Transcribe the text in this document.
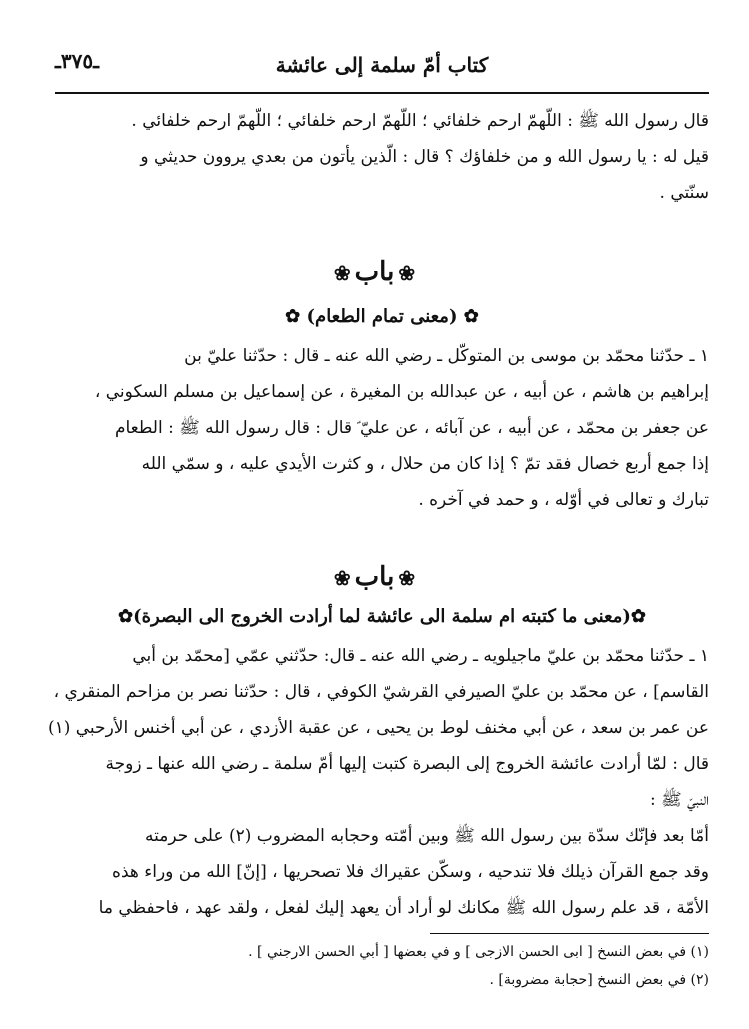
كتاب أمّ سلمة إلى عائشة
ـ٣٧٥ـ
قال رسول الله ﷺ : اللّهمّ ارحم خلفائي ؛ اللّهمّ ارحم خلفائي ؛ اللّهمّ ارحم خلفائي .
قيل له : يا رسول الله و من خلفاؤك ؟ قال : الّذين يأتون من بعدي يروون حديثي و
سنّتي .
❀باب❀
✿ (معنى تمام الطعام) ✿
١ ـ حدّثنا محمّد بن موسى بن المتوكّل ـ رضي الله عنه ـ قال : حدّثنا عليّ بن
إبراهيم بن هاشم ، عن أبيه ، عن عبدالله بن المغيرة ، عن إسماعيل بن مسلم السكوني ،
عن جعفر بن محمّد ، عن أبيه ، عن آبائه ، عن عليّ ؑ قال : قال رسول الله ﷺ : الطعام
إذا جمع أربع خصال فقد تمّ ؟ إذا كان من حلال ، و كثرت الأيدي عليه ، و سمّي الله
تبارك و تعالى في أوّله ، و حمد في آخره .
❀باب❀
✿(معنى ما كتبته ام سلمة الى عائشة لما أرادت الخروج الى البصرة)✿
١ ـ حدّثنا محمّد بن عليّ ماجيلويه ـ رضي الله عنه ـ قال: حدّثني عمّي [محمّد بن أبي
القاسم] ، عن محمّد بن عليّ الصيرفي القرشيّ الكوفي ، قال : حدّثنا نصر بن مزاحم المنقري ،
عن عمر بن سعد ، عن أبي مخنف لوط بن يحيى ، عن عقبة الأزدي ، عن أبي أخنس الأرحبي (١)
قال : لمّا أرادت عائشة الخروج إلى البصرة كتبت إليها أمّ سلمة ـ رضي الله عنها ـ زوجة
النبيّ ﷺ :
أمّا بعد فإنّك سدّة بين رسول الله ﷺ وبين أمّته وحجابه المضروب (٢) على حرمته
وقد جمع القرآن ذيلك فلا تندحيه ، وسكّن عقيراك فلا تصحريها ، [إنّ] الله من وراء هذه
الأمّة ، قد علم رسول الله ﷺ مكانك لو أراد أن يعهد إليك لفعل ، ولقد عهد ، فاحفظي ما
(١) في بعض النسخ [ ابى الحسن الازجى ] و في بعضها [ أبي الحسن الارجني ] .
(٢) في بعض النسخ [حجابة مضروبة] .
